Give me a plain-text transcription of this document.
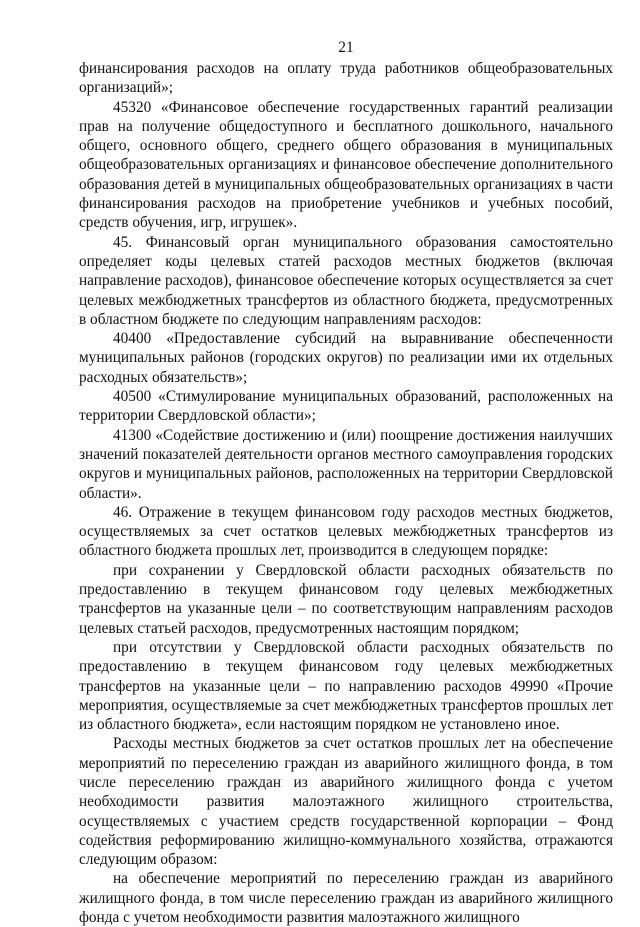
21

финансирования расходов на оплату труда работников общеобразовательных организаций»;

45320 «Финансовое обеспечение государственных гарантий реализации прав на получение общедоступного и бесплатного дошкольного, начального общего, основного общего, среднего общего образования в муниципальных общеобразовательных организациях и финансовое обеспечение дополнительного образования детей в муниципальных общеобразовательных организациях в части финансирования расходов на приобретение учебников и учебных пособий, средств обучения, игр, игрушек».

45. Финансовый орган муниципального образования самостоятельно определяет коды целевых статей расходов местных бюджетов (включая направление расходов), финансовое обеспечение которых осуществляется за счет целевых межбюджетных трансфертов из областного бюджета, предусмотренных в областном бюджете по следующим направлениям расходов:

40400 «Предоставление субсидий на выравнивание обеспеченности муниципальных районов (городских округов) по реализации ими их отдельных расходных обязательств»;

40500 «Стимулирование муниципальных образований, расположенных на территории Свердловской области»;

41300 «Содействие достижению и (или) поощрение достижения наилучших значений показателей деятельности органов местного самоуправления городских округов и муниципальных районов, расположенных на территории Свердловской области».

46. Отражение в текущем финансовом году расходов местных бюджетов, осуществляемых за счет остатков целевых межбюджетных трансфертов из областного бюджета прошлых лет, производится в следующем порядке:

при сохранении у Свердловской области расходных обязательств по предоставлению в текущем финансовом году целевых межбюджетных трансфертов на указанные цели – по соответствующим направлениям расходов целевых статьей расходов, предусмотренных настоящим порядком;

при отсутствии у Свердловской области расходных обязательств по предоставлению в текущем финансовом году целевых межбюджетных трансфертов на указанные цели – по направлению расходов 49990 «Прочие мероприятия, осуществляемые за счет межбюджетных трансфертов прошлых лет из областного бюджета», если настоящим порядком не установлено иное.

Расходы местных бюджетов за счет остатков прошлых лет на обеспечение мероприятий по переселению граждан из аварийного жилищного фонда, в том числе переселению граждан из аварийного жилищного фонда с учетом необходимости развития малоэтажного жилищного строительства, осуществляемых с участием средств государственной корпорации – Фонд содействия реформированию жилищно-коммунального хозяйства, отражаются следующим образом:

на обеспечение мероприятий по переселению граждан из аварийного жилищного фонда, в том числе переселению граждан из аварийного жилищного фонда с учетом необходимости развития малоэтажного жилищного
